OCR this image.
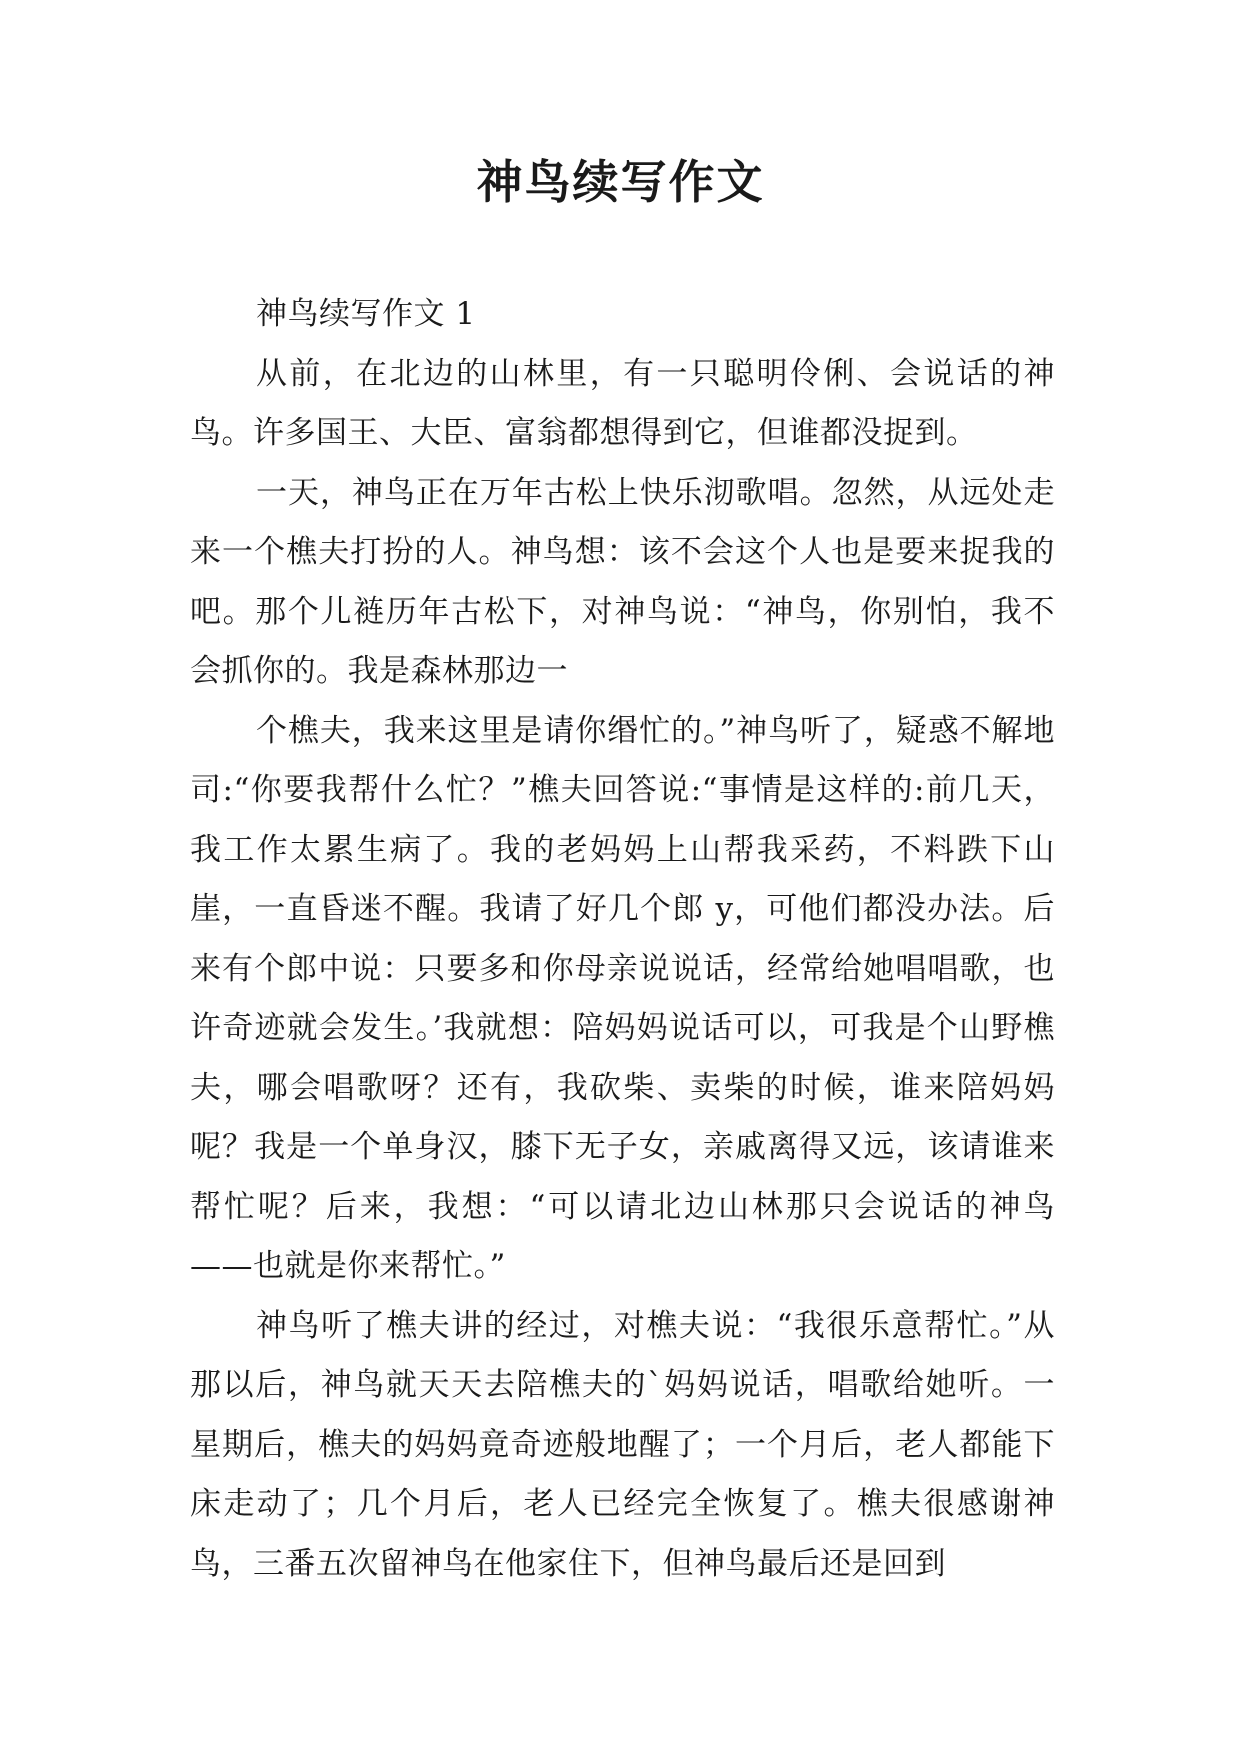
神鸟续写作文

神鸟续写作文 1

从前，在北边的山林里，有一只聪明伶俐、会说话的神鸟。许多国王、大臣、富翁都想得到它，但谁都没捉到。

一天，神鸟正在万年古松上快乐沏歌唱。忽然，从远处走来一个樵夫打扮的人。神鸟想：该不会这个人也是要来捉我的吧。那个儿裢历年古松下，对神鸟说：“神鸟，你别怕，我不会抓你的。我是森林那边一

个樵夫，我来这里是请你缗忙的。”神鸟听了，疑惑不解地司:“你要我帮什么忙？”樵夫回答说:“事情是这样的:前几天，我工作太累生病了。我的老妈妈上山帮我采药，不料跌下山崖，一直昏迷不醒。我请了好几个郎 y，可他们都没办法。后来有个郎中说：只要多和你母亲说说话，经常给她唱唱歌，也许奇迹就会发生。’我就想：陪妈妈说话可以，可我是个山野樵夫，哪会唱歌呀？还有，我砍柴、卖柴的时候，谁来陪妈妈呢？我是一个单身汉，膝下无子女，亲戚离得又远，该请谁来帮忙呢？后来，我想：“可以请北边山林那只会说话的神鸟——也就是你来帮忙。”

神鸟听了樵夫讲的经过，对樵夫说：“我很乐意帮忙。”从那以后，神鸟就天天去陪樵夫的`妈妈说话，唱歌给她听。一星期后，樵夫的妈妈竟奇迹般地醒了；一个月后，老人都能下床走动了；几个月后，老人已经完全恢复了。樵夫很感谢神鸟，三番五次留神鸟在他家住下，但神鸟最后还是回到
